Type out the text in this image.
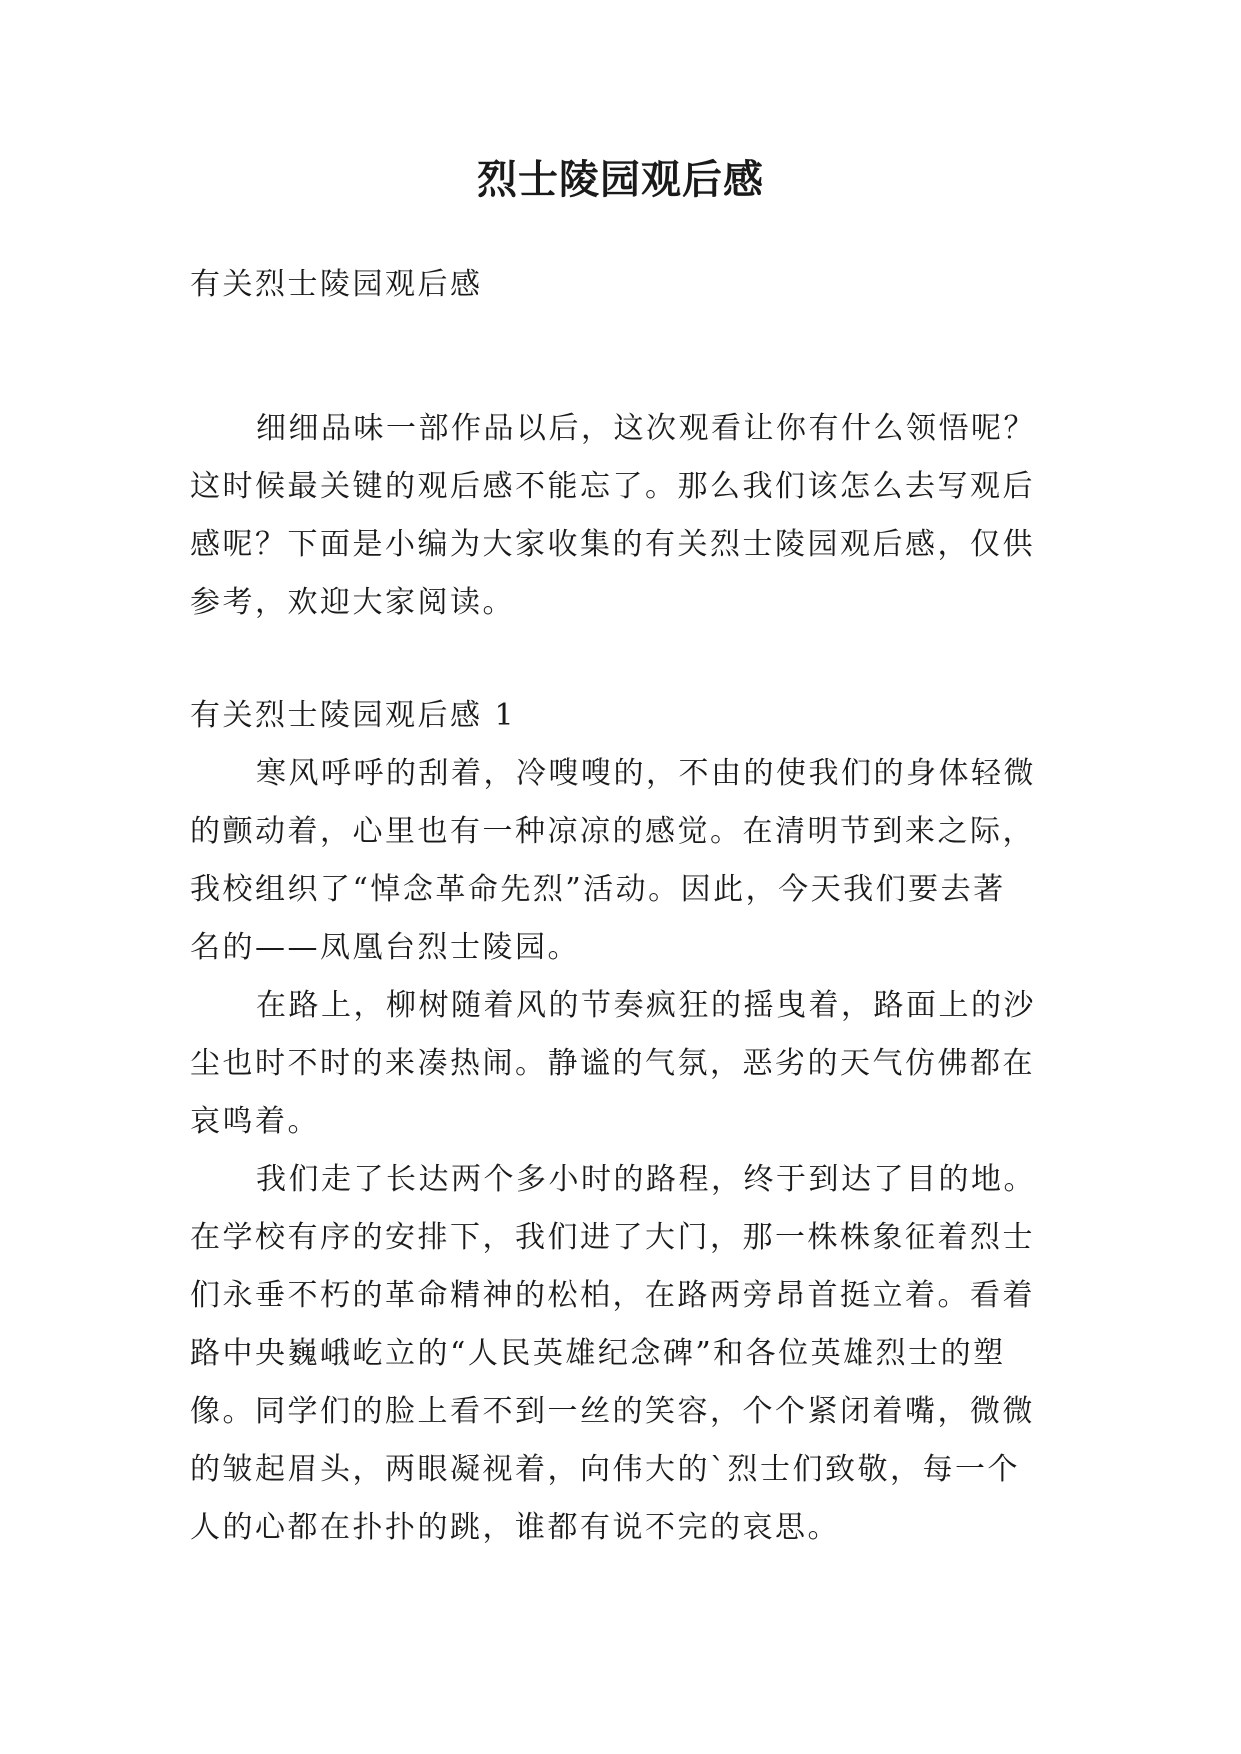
烈士陵园观后感
有关烈士陵园观后感
细细品味一部作品以后，这次观看让你有什么领悟呢？
这时候最关键的观后感不能忘了。那么我们该怎么去写观后
感呢？下面是小编为大家收集的有关烈士陵园观后感，仅供
参考，欢迎大家阅读。
有关烈士陵园观后感 1
寒风呼呼的刮着，冷嗖嗖的，不由的使我们的身体轻微
的颤动着，心里也有一种凉凉的感觉。在清明节到来之际，
我校组织了“悼念革命先烈”活动。因此，今天我们要去著
名的——凤凰台烈士陵园。
在路上，柳树随着风的节奏疯狂的摇曳着，路面上的沙
尘也时不时的来凑热闹。静谧的气氛，恶劣的天气仿佛都在
哀鸣着。
我们走了长达两个多小时的路程，终于到达了目的地。
在学校有序的安排下，我们进了大门，那一株株象征着烈士
们永垂不朽的革命精神的松柏，在路两旁昂首挺立着。看着
路中央巍峨屹立的“人民英雄纪念碑”和各位英雄烈士的塑
像。同学们的脸上看不到一丝的笑容，个个紧闭着嘴，微微
的皱起眉头，两眼凝视着，向伟大的`烈士们致敬，每一个
人的心都在扑扑的跳，谁都有说不完的哀思。
